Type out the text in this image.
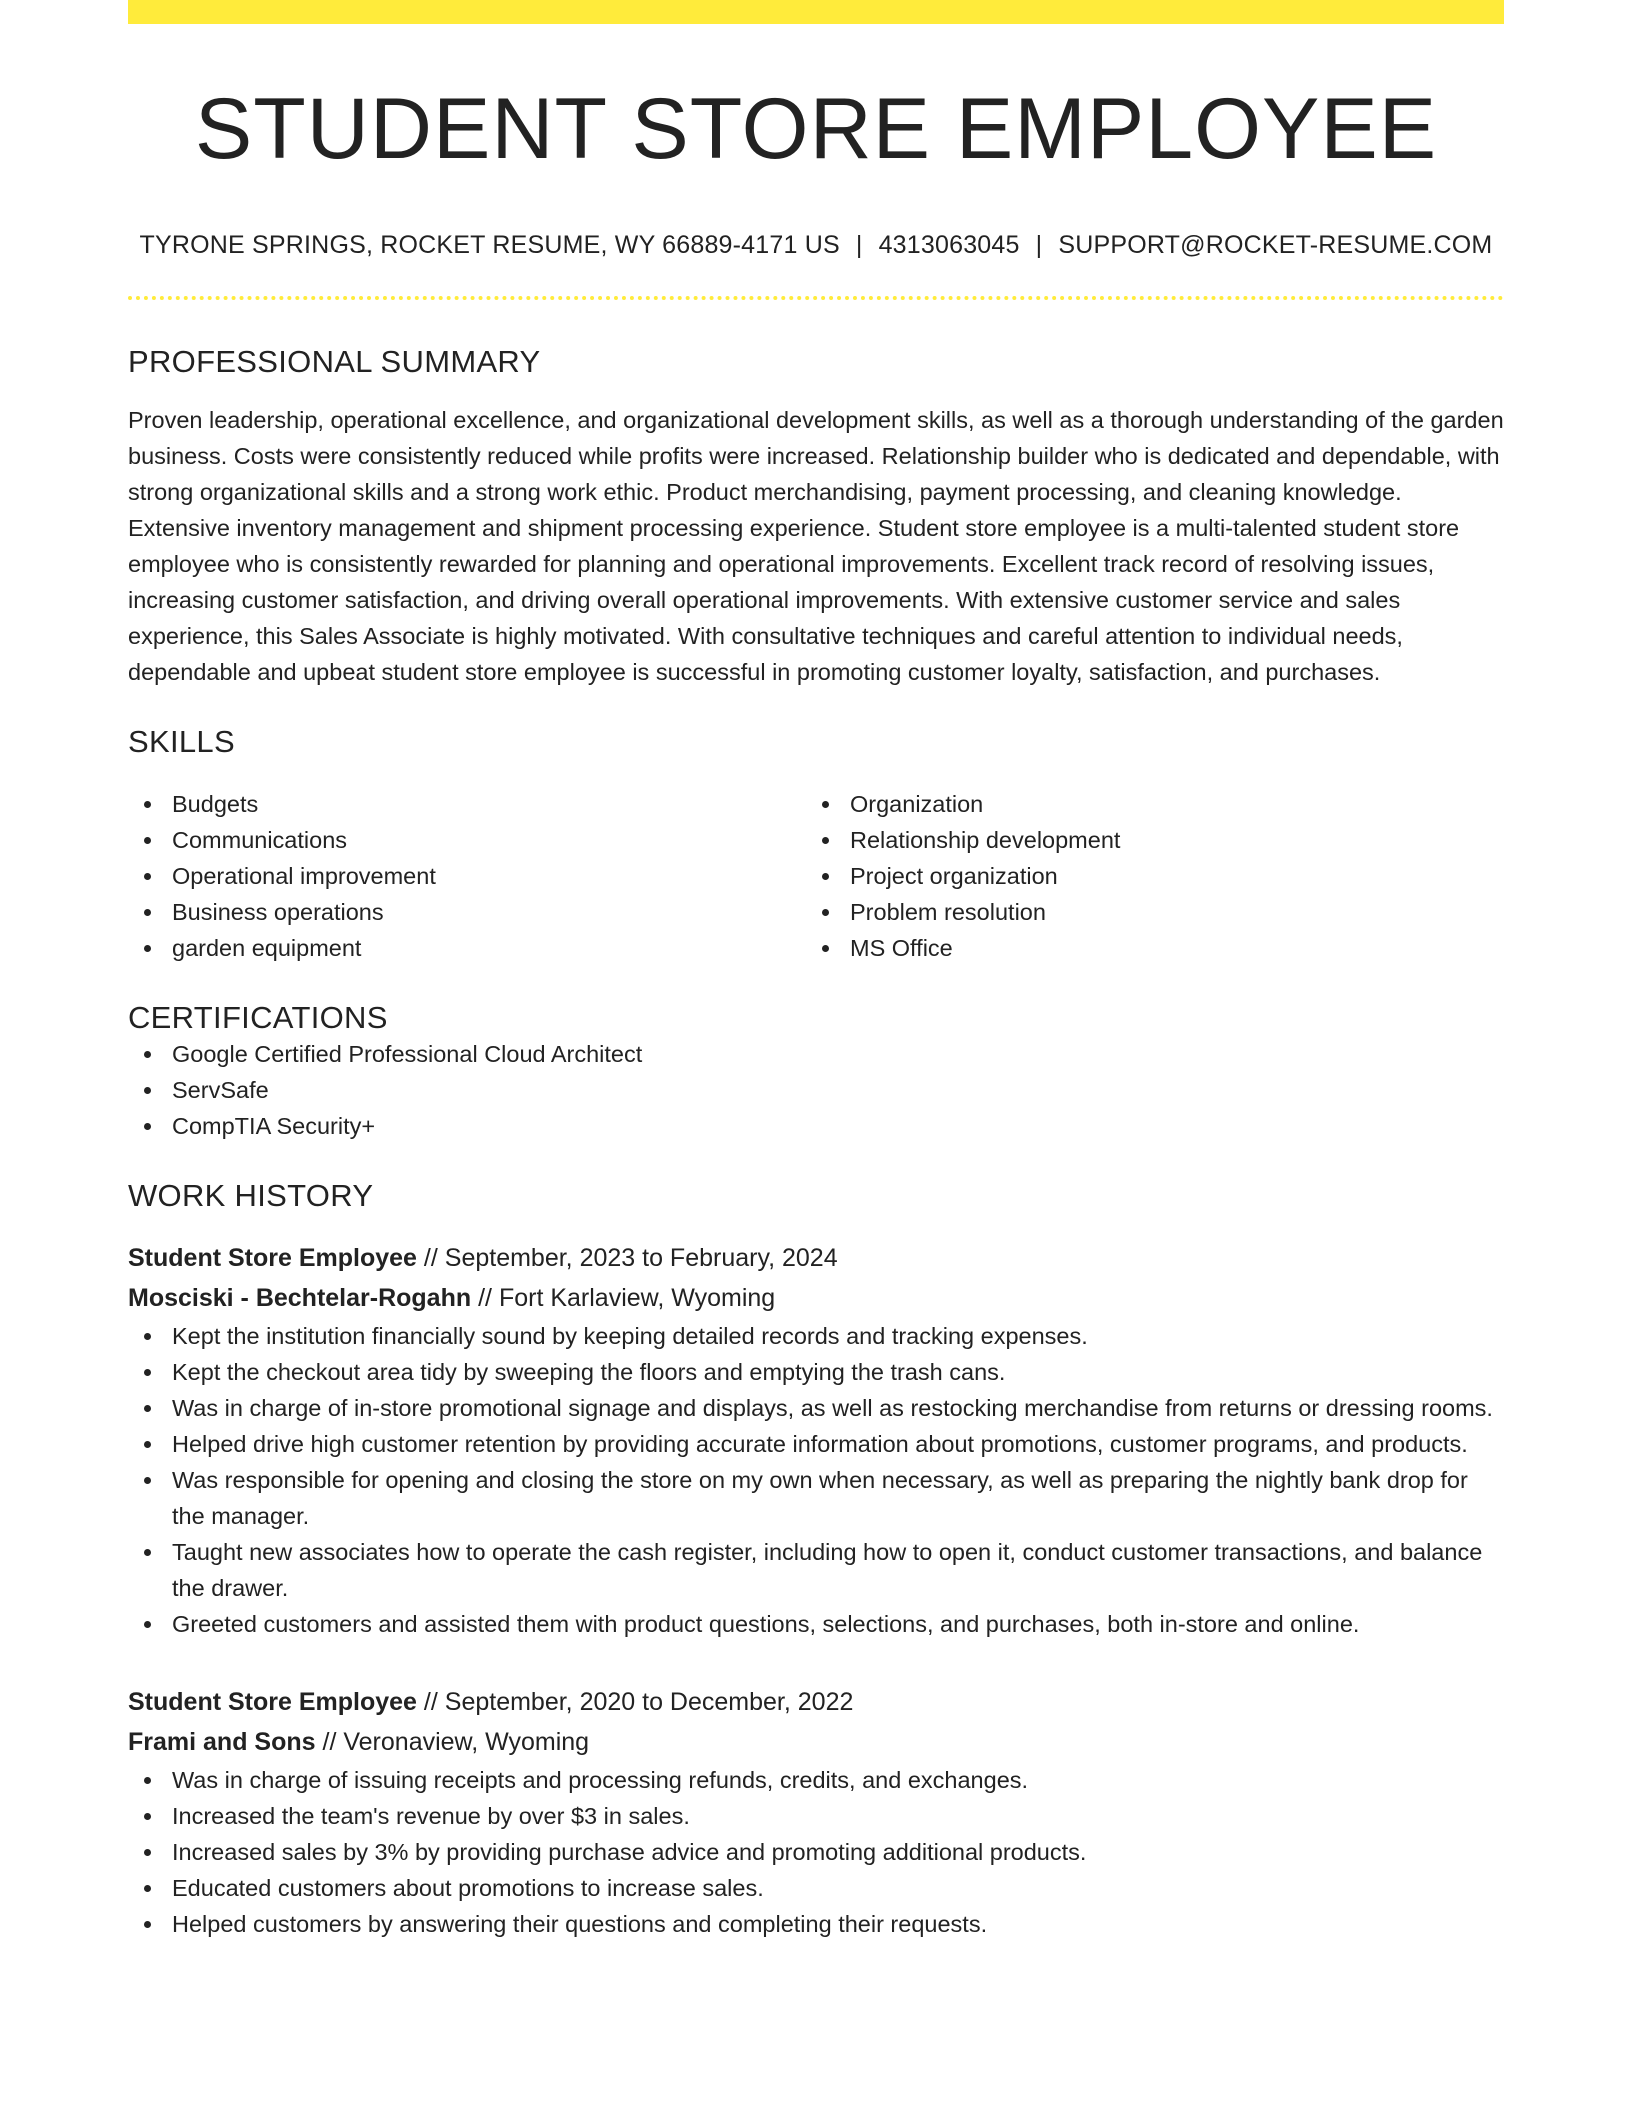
STUDENT STORE EMPLOYEE
TYRONE SPRINGS, ROCKET RESUME, WY 66889-4171 US | 4313063045 | SUPPORT@ROCKET-RESUME.COM
PROFESSIONAL SUMMARY
Proven leadership, operational excellence, and organizational development skills, as well as a thorough understanding of the garden business. Costs were consistently reduced while profits were increased. Relationship builder who is dedicated and dependable, with strong organizational skills and a strong work ethic. Product merchandising, payment processing, and cleaning knowledge. Extensive inventory management and shipment processing experience. Student store employee is a multi-talented student store employee who is consistently rewarded for planning and operational improvements. Excellent track record of resolving issues, increasing customer satisfaction, and driving overall operational improvements. With extensive customer service and sales experience, this Sales Associate is highly motivated. With consultative techniques and careful attention to individual needs, dependable and upbeat student store employee is successful in promoting customer loyalty, satisfaction, and purchases.
SKILLS
Budgets
Communications
Operational improvement
Business operations
garden equipment
Organization
Relationship development
Project organization
Problem resolution
MS Office
CERTIFICATIONS
Google Certified Professional Cloud Architect
ServSafe
CompTIA Security+
WORK HISTORY
Student Store Employee // September, 2023 to February, 2024
Mosciski - Bechtelar-Rogahn // Fort Karlaview, Wyoming
Kept the institution financially sound by keeping detailed records and tracking expenses.
Kept the checkout area tidy by sweeping the floors and emptying the trash cans.
Was in charge of in-store promotional signage and displays, as well as restocking merchandise from returns or dressing rooms.
Helped drive high customer retention by providing accurate information about promotions, customer programs, and products.
Was responsible for opening and closing the store on my own when necessary, as well as preparing the nightly bank drop for the manager.
Taught new associates how to operate the cash register, including how to open it, conduct customer transactions, and balance the drawer.
Greeted customers and assisted them with product questions, selections, and purchases, both in-store and online.
Student Store Employee // September, 2020 to December, 2022
Frami and Sons // Veronaview, Wyoming
Was in charge of issuing receipts and processing refunds, credits, and exchanges.
Increased the team's revenue by over $3 in sales.
Increased sales by 3% by providing purchase advice and promoting additional products.
Educated customers about promotions to increase sales.
Helped customers by answering their questions and completing their requests.
